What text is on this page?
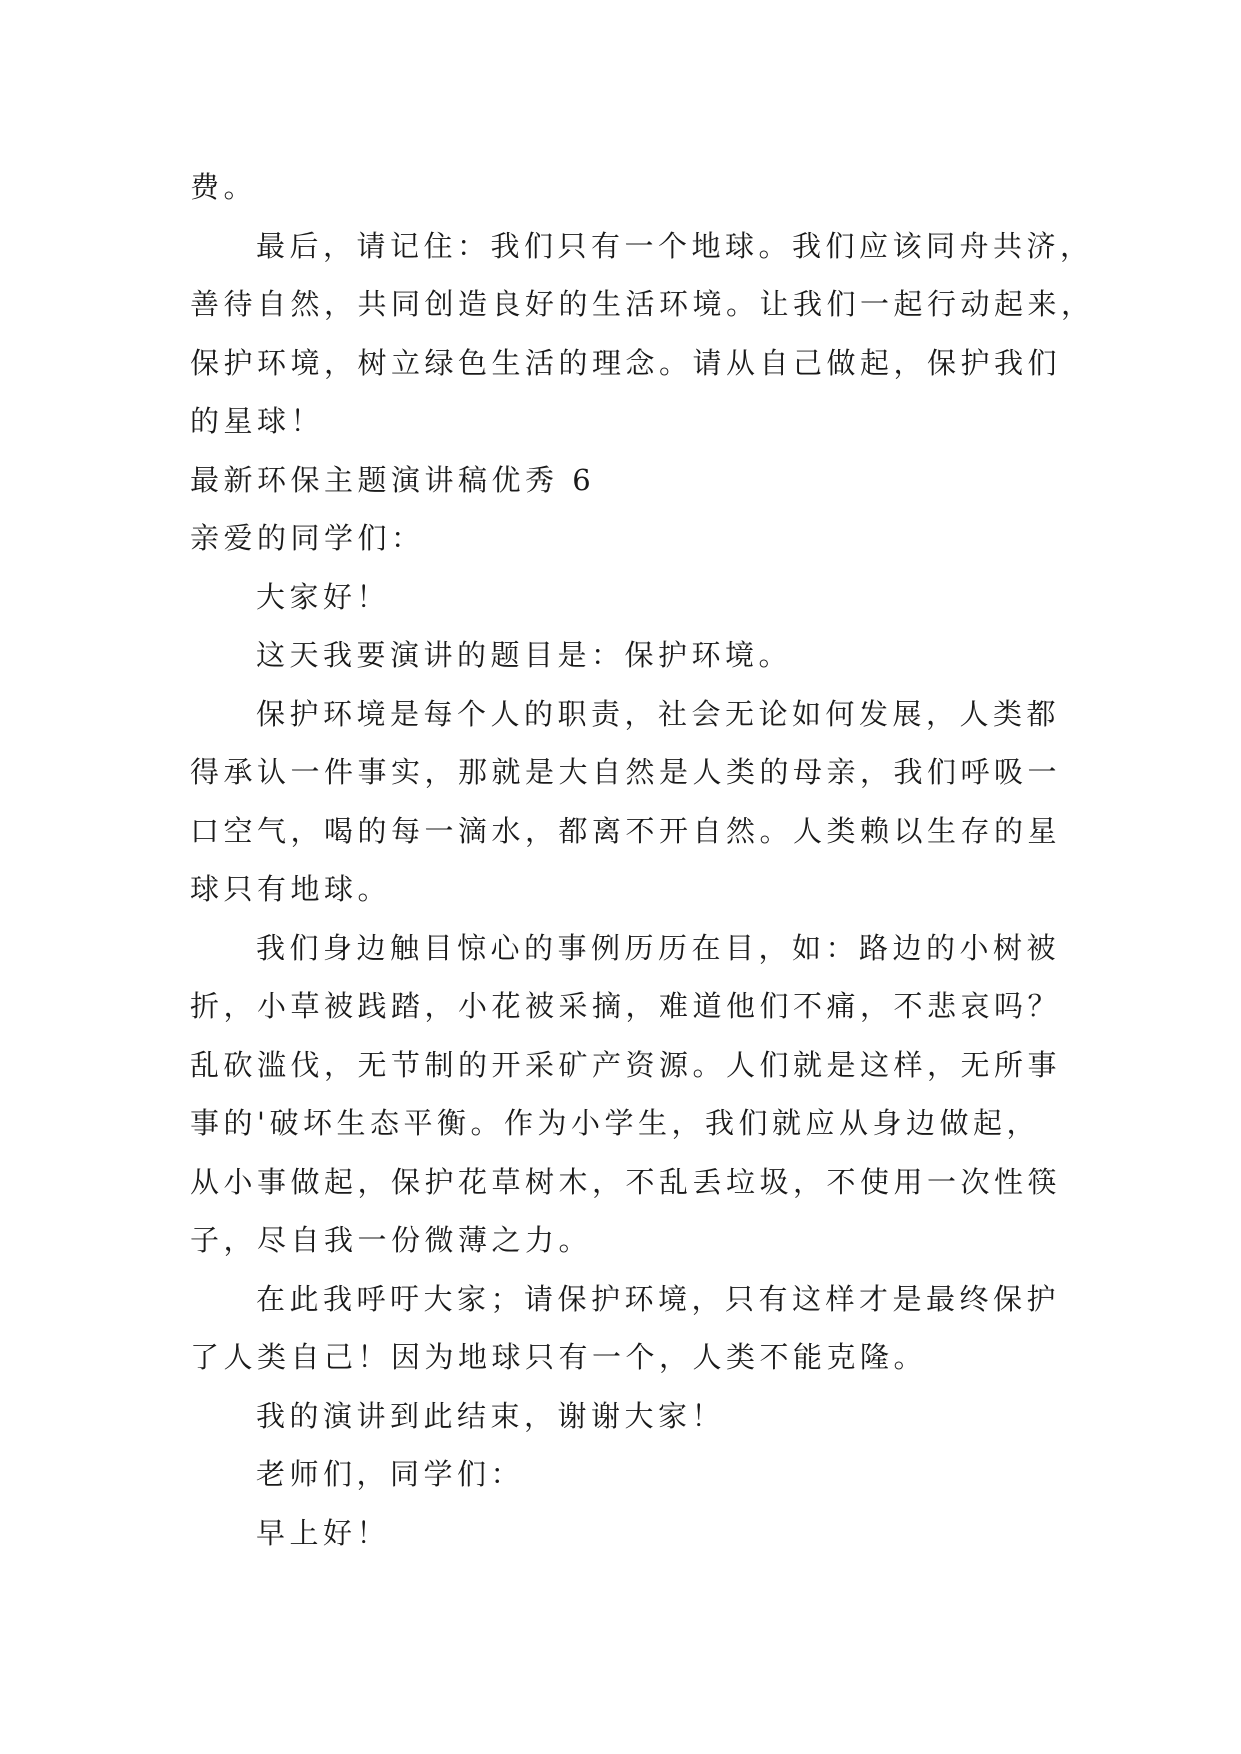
费。

最后，请记住：我们只有一个地球。我们应该同舟共济，

善待自然，共同创造良好的生活环境。让我们一起行动起来，

保护环境，树立绿色生活的理念。请从自己做起，保护我们

的星球！

最新环保主题演讲稿优秀 6

亲爱的同学们：

大家好！

这天我要演讲的题目是：保护环境。

保护环境是每个人的职责，社会无论如何发展，人类都

得承认一件事实，那就是大自然是人类的母亲，我们呼吸一

口空气，喝的每一滴水，都离不开自然。人类赖以生存的星

球只有地球。

我们身边触目惊心的事例历历在目，如：路边的小树被

折，小草被践踏，小花被采摘，难道他们不痛，不悲哀吗？

乱砍滥伐，无节制的开采矿产资源。人们就是这样，无所事

事的'破坏生态平衡。作为小学生，我们就应从身边做起，

从小事做起，保护花草树木，不乱丢垃圾，不使用一次性筷

子，尽自我一份微薄之力。

在此我呼吁大家；请保护环境，只有这样才是最终保护

了人类自己！因为地球只有一个，人类不能克隆。

我的演讲到此结束，谢谢大家！

老师们，同学们：

早上好！
